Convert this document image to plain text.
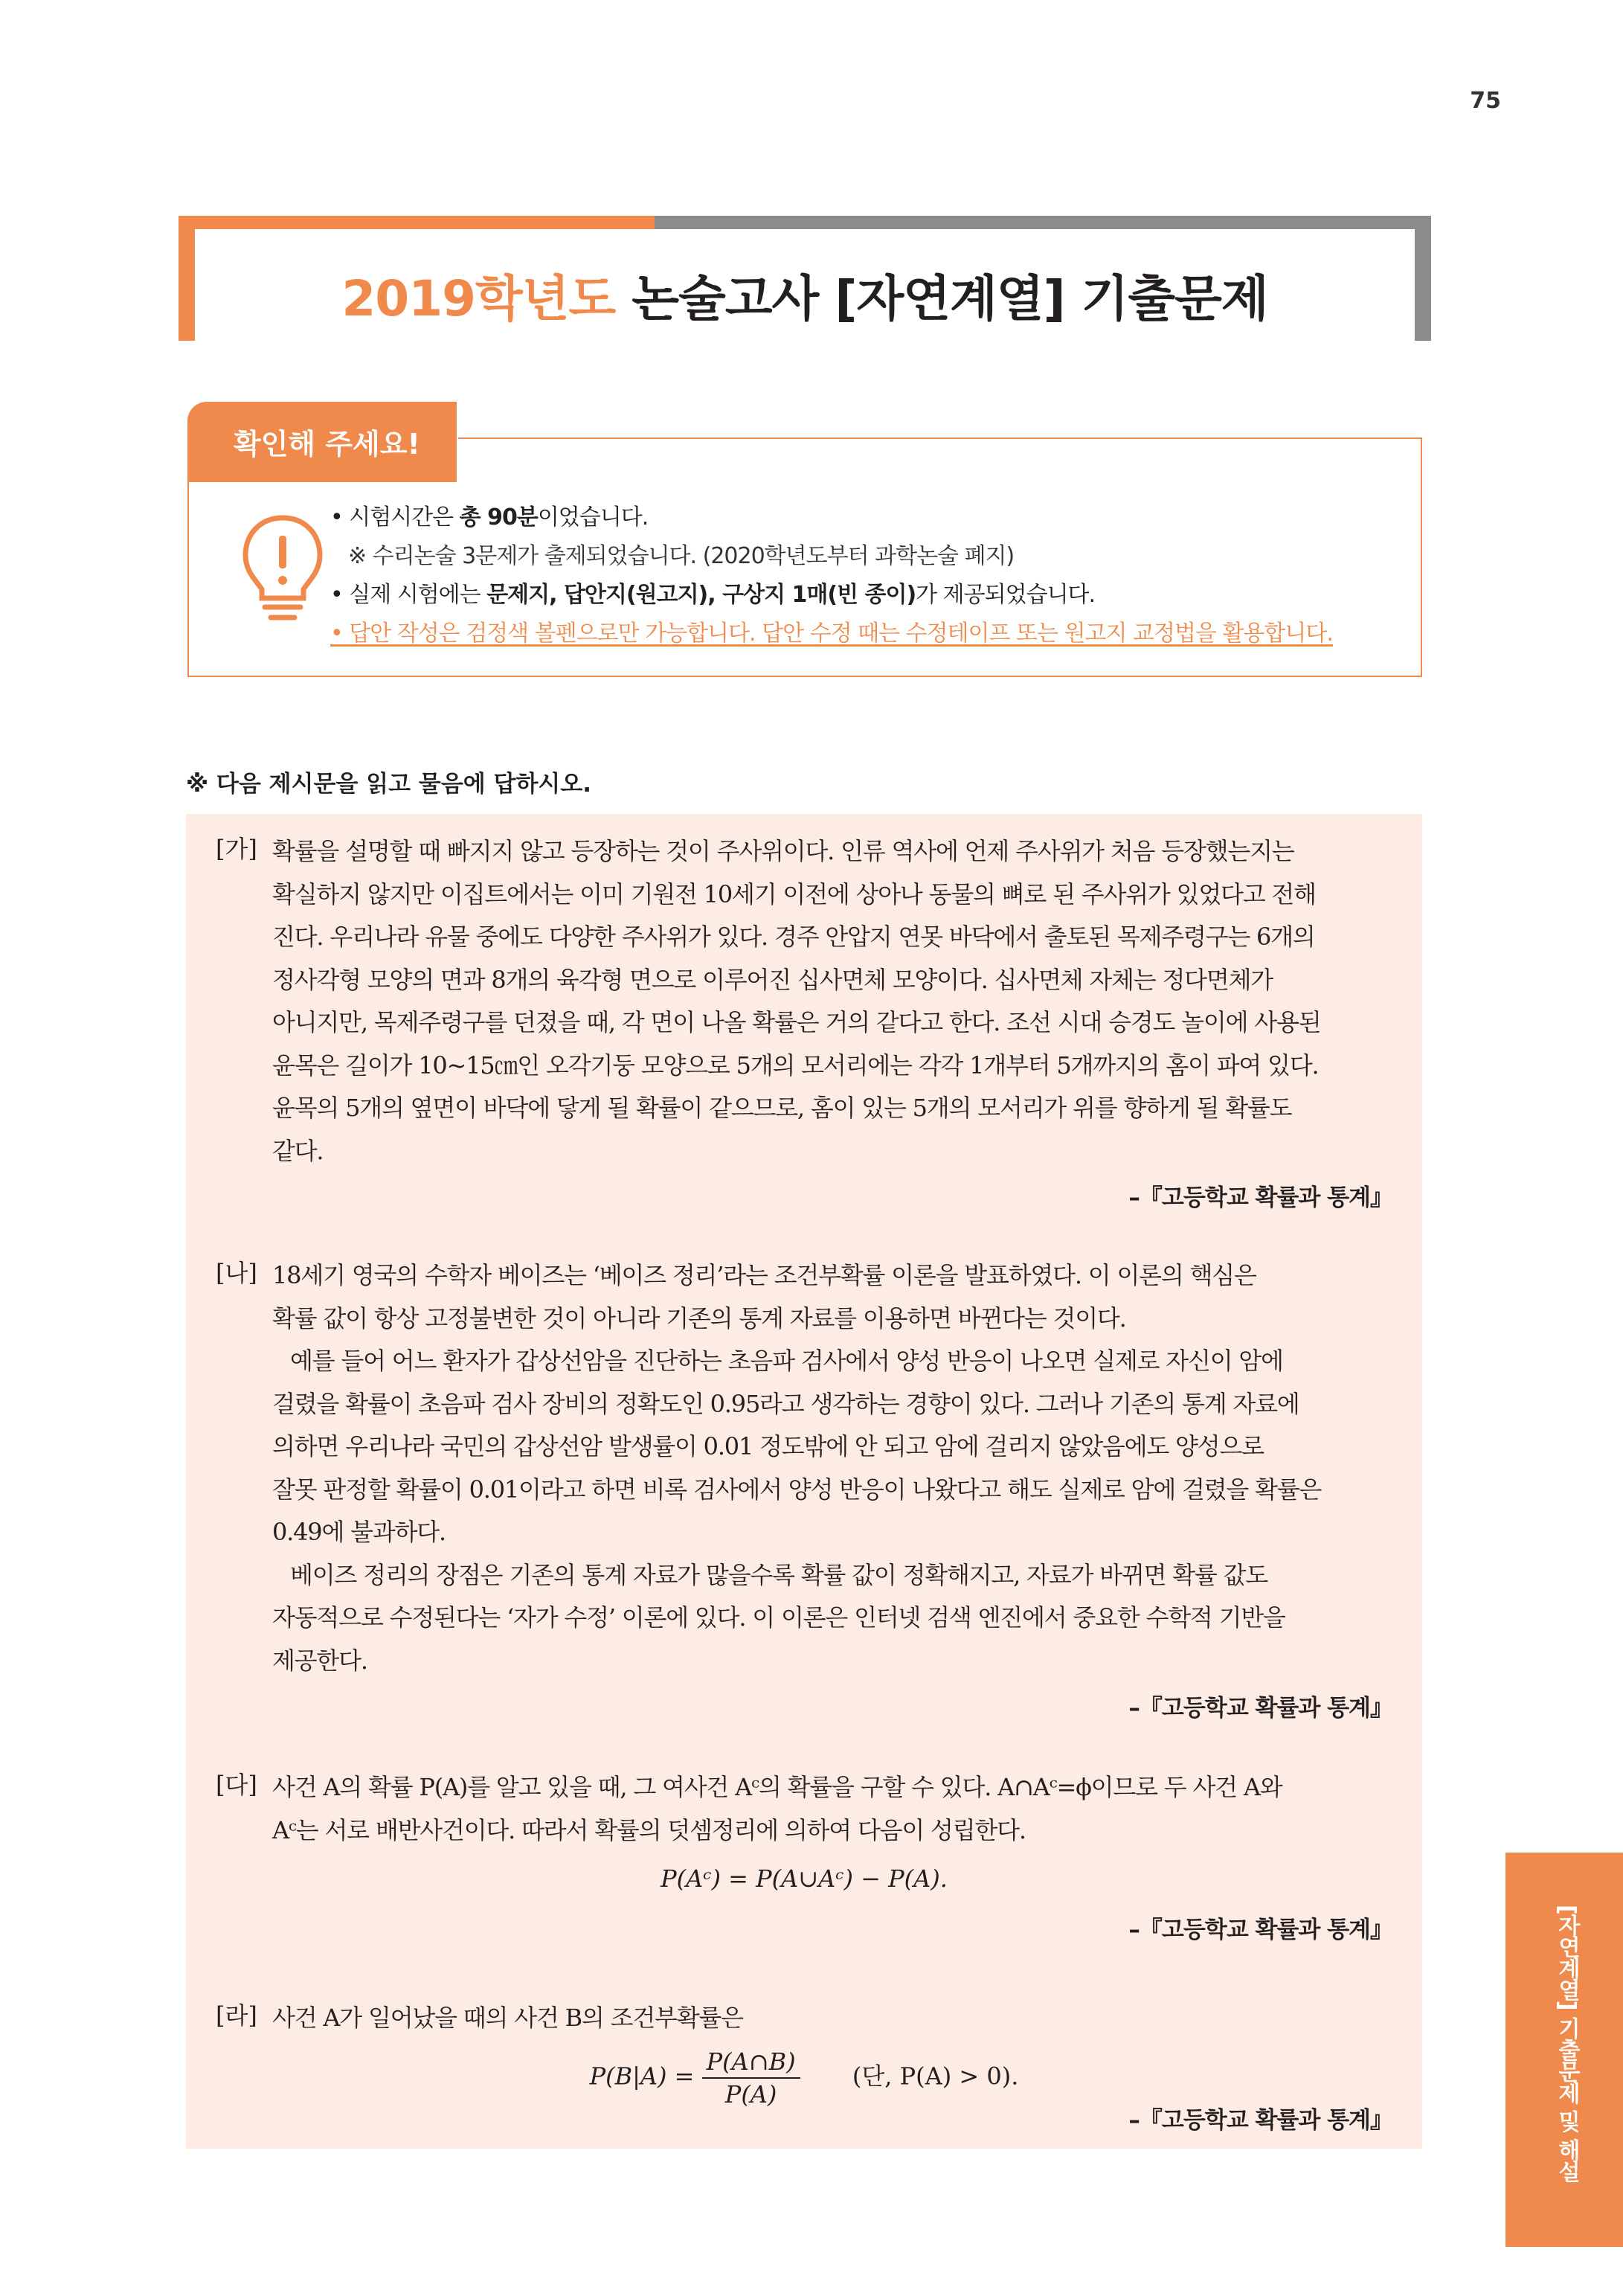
75
2019학년도 논술고사 [자연계열] 기출문제
• 시험시간은 총 90분이었습니다.
※ 수리논술 3문제가 출제되었습니다. (2020학년도부터 과학논술 폐지)
• 실제 시험에는 문제지, 답안지(원고지), 구상지 1매(빈 종이)가 제공되었습니다.
• 답안 작성은 검정색 볼펜으로만 가능합니다. 답안 수정 때는 수정테이프 또는 원고지 교정법을 활용합니다.
확인해 주세요!
※ 다음 제시문을 읽고 물음에 답하시오.
[가] 확률을 설명할 때 빠지지 않고 등장하는 것이 주사위이다. 인류 역사에 언제 주사위가 처음 등장했는지는
확실하지 않지만 이집트에서는 이미 기원전 10세기 이전에 상아나 동물의 뼈로 된 주사위가 있었다고 전해
진다. 우리나라 유물 중에도 다양한 주사위가 있다. 경주 안압지 연못 바닥에서 출토된 목제주령구는 6개의
정사각형 모양의 면과 8개의 육각형 면으로 이루어진 십사면체 모양이다. 십사면체 자체는 정다면체가
아니지만, 목제주령구를 던졌을 때, 각 면이 나올 확률은 거의 같다고 한다. 조선 시대 승경도 놀이에 사용된
윤목은 길이가 10~15㎝인 오각기둥 모양으로 5개의 모서리에는 각각 1개부터 5개까지의 홈이 파여 있다.
윤목의 5개의 옆면이 바닥에 닿게 될 확률이 같으므로, 홈이 있는 5개의 모서리가 위를 향하게 될 확률도
같다.
–『고등학교 확률과 통계』
[나] 18세기 영국의 수학자 베이즈는 ‘베이즈 정리’라는 조건부확률 이론을 발표하였다. 이 이론의 핵심은
확률 값이 항상 고정불변한 것이 아니라 기존의 통계 자료를 이용하면 바뀐다는 것이다.
예를 들어 어느 환자가 갑상선암을 진단하는 초음파 검사에서 양성 반응이 나오면 실제로 자신이 암에
걸렸을 확률이 초음파 검사 장비의 정확도인 0.95라고 생각하는 경향이 있다. 그러나 기존의 통계 자료에
의하면 우리나라 국민의 갑상선암 발생률이 0.01 정도밖에 안 되고 암에 걸리지 않았음에도 양성으로
잘못 판정할 확률이 0.01이라고 하면 비록 검사에서 양성 반응이 나왔다고 해도 실제로 암에 걸렸을 확률은
0.49에 불과하다.
베이즈 정리의 장점은 기존의 통계 자료가 많을수록 확률 값이 정확해지고, 자료가 바뀌면 확률 값도
자동적으로 수정된다는 ‘자가 수정’ 이론에 있다. 이 이론은 인터넷 검색 엔진에서 중요한 수학적 기반을
제공한다.
–『고등학교 확률과 통계』
[다] 사건 A의 확률 P(A)를 알고 있을 때, 그 여사건 Aᶜ의 확률을 구할 수 있다. A∩Aᶜ=ϕ이므로 두 사건 A와
Aᶜ는 서로 배반사건이다. 따라서 확률의 덧셈정리에 의하여 다음이 성립한다.
P(Aᶜ) = P(A∪Aᶜ) − P(A).
–『고등학교 확률과 통계』
[라] 사건 A가 일어났을 때의 사건 B의 조건부확률은
$P(B|A) = \frac{P(A\cap B)}{P(A)}$ (단, P(A) > 0).
–『고등학교 확률과 통계』	[자연계열] 기출문제 및 해설
